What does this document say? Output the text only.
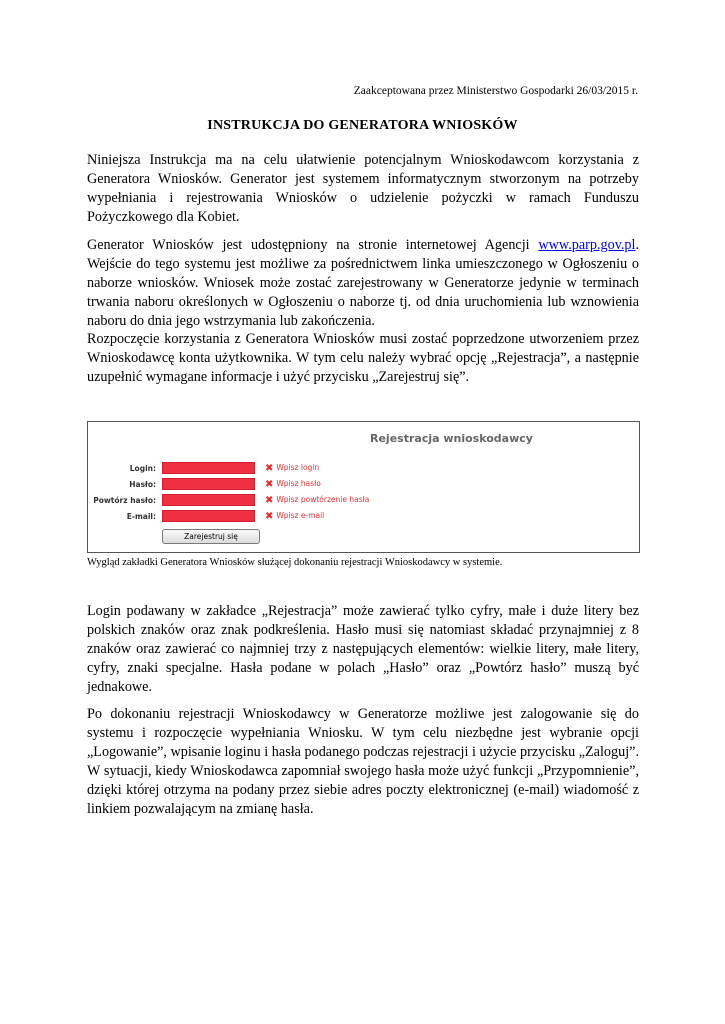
Zaakceptowana przez Ministerstwo Gospodarki 26/03/2015 r.
INSTRUKCJA DO GENERATORA WNIOSKÓW
Niniejsza Instrukcja ma na celu ułatwienie potencjalnym Wnioskodawcom korzystania z Generatora Wniosków. Generator jest systemem informatycznym stworzonym na potrzeby wypełniania i rejestrowania Wniosków o udzielenie pożyczki w ramach Funduszu Pożyczkowego dla Kobiet.
Generator Wniosków jest udostępniony na stronie internetowej Agencji www.parp.gov.pl. Wejście do tego systemu jest możliwe za pośrednictwem linka umieszczonego w Ogłoszeniu o naborze wniosków. Wniosek może zostać zarejestrowany w Generatorze jedynie w terminach trwania naboru określonych w Ogłoszeniu o naborze tj. od dnia uruchomienia lub wznowienia naboru do dnia jego wstrzymania lub zakończenia.
Rozpoczęcie korzystania z Generatora Wniosków musi zostać poprzedzone utworzeniem przez Wnioskodawcę konta użytkownika. W tym celu należy wybrać opcję „Rejestracja”, a następnie uzupełnić wymagane informacje i użyć przycisku „Zarejestruj się”.
Rejestracja wnioskodawcy
Login:	✖ Wpisz login
Hasło:	✖ Wpisz hasło
Powtórz hasło:	✖ Wpisz powtórzenie hasła
E-mail:	✖ Wpisz e-mail
Zarejestruj się
Wygląd zakładki Generatora Wniosków służącej dokonaniu rejestracji Wnioskodawcy w systemie.
Login podawany w zakładce „Rejestracja” może zawierać tylko cyfry, małe i duże litery bez polskich znaków oraz znak podkreślenia. Hasło musi się natomiast składać przynajmniej z 8 znaków oraz zawierać co najmniej trzy z następujących elementów: wielkie litery, małe litery, cyfry, znaki specjalne. Hasła podane w polach „Hasło” oraz „Powtórz hasło” muszą być jednakowe.
Po dokonaniu rejestracji Wnioskodawcy w Generatorze możliwe jest zalogowanie się do systemu i rozpoczęcie wypełniania Wniosku. W tym celu niezbędne jest wybranie opcji „Logowanie”, wpisanie loginu i hasła podanego podczas rejestracji i użycie przycisku „Zaloguj”. W sytuacji, kiedy Wnioskodawca zapomniał swojego hasła może użyć funkcji „Przypomnienie”, dzięki której otrzyma na podany przez siebie adres poczty elektronicznej (e-mail) wiadomość z linkiem pozwalającym na zmianę hasła.
